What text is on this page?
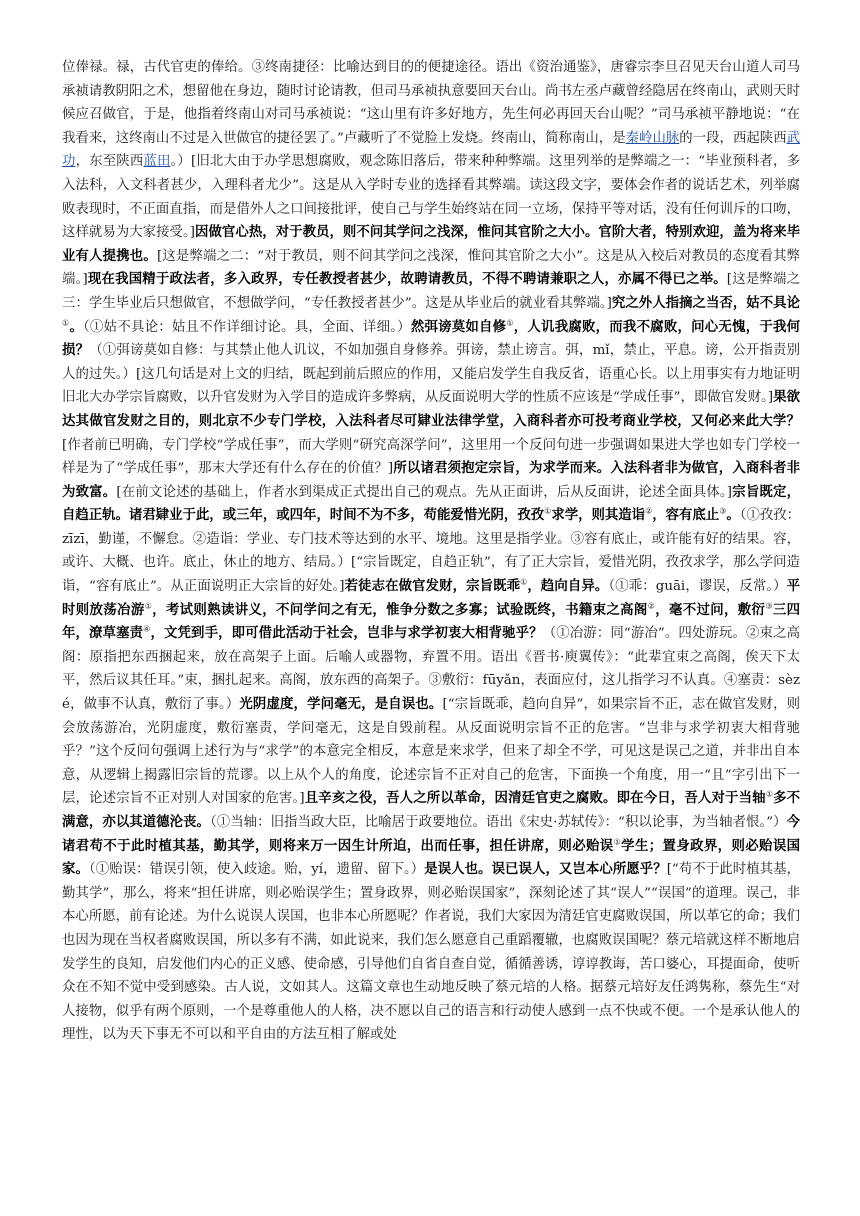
位俸禄。禄，古代官吏的俸给。③终南捷径：比喻达到目的的便捷途径。语出《资治通鉴》，唐睿宗李旦召见天台山道人司马承祯请教阴阳之术，想留他在身边，随时讨论请教，但司马承祯执意要回天台山。尚书左丞卢藏曾经隐居在终南山，武则天时候应召做官，于是，他指着终南山对司马承祯说：“这山里有许多好地方，先生何必再回天台山呢？”司马承祯平静地说：“在我看来，这终南山不过是入世做官的捷径罢了。”卢藏听了不觉脸上发烧。终南山，简称南山，是秦岭山脉的一段，西起陕西武功，东至陕西蓝田。）[旧北大由于办学思想腐败，观念陈旧落后，带来种种弊端。这里列举的是弊端之一：“毕业预科者，多入法科，入文科者甚少，入理科者尤少”。这是从入学时专业的选择看其弊端。读这段文字，要体会作者的说话艺术，列举腐败表现时，不正面直指，而是借外人之口间接批评，使自己与学生始终站在同一立场，保持平等对话，没有任何训斥的口吻，这样就易为大家接受。]因做官心热，对于教员，则不问其学问之浅深，惟问其官阶之大小。官阶大者，特别欢迎，盖为将来毕业有人提携也。[这是弊端之二：“对于教员，则不问其学问之浅深，惟问其官阶之大小”。这是从入校后对教员的态度看其弊端。]现在我国精于政法者，多入政界，专任教授者甚少，故聘请教员，不得不聘请兼职之人，亦属不得已之举。[这是弊端之三：学生毕业后只想做官，不想做学问，“专任教授者甚少”。这是从毕业后的就业看其弊端。]究之外人指摘之当否，姑不具论①。（①姑不具论：姑且不作详细讨论。具，全面、详细。）然弭谤莫如自修①，人讥我腐败，而我不腐败，问心无愧，于我何损？（①弭谤莫如自修：与其禁止他人讥议，不如加强自身修养。弭谤，禁止谤言。弭，mǐ，禁止，平息。谤，公开指责别人的过失。）[这几句话是对上文的归结，既起到前后照应的作用，又能启发学生自我反省，语重心长。以上用事实有力地证明旧北大办学宗旨腐败，以升官发财为入学目的造成许多弊病，从反面说明大学的性质不应该是“学成任事”，即做官发财。]果欲达其做官发财之目的，则北京不少专门学校，入法科者尽可肄业法律学堂，入商科者亦可投考商业学校，又何必来此大学？[作者前已明确，专门学校“学成任事”，而大学则“研究高深学问”，这里用一个反问句进一步强调如果进大学也如专门学校一样是为了“学成任事”，那末大学还有什么存在的价值？]所以诸君须抱定宗旨，为求学而来。入法科者非为做官，入商科者非为致富。[在前文论述的基础上，作者水到渠成正式提出自己的观点。先从正面讲，后从反面讲，论述全面具体。]宗旨既定，自趋正轨。诸君肄业于此，或三年，或四年，时间不为不多，苟能爱惜光阴，孜孜①求学，则其造诣②，容有底止③。（①孜孜：zīzī，勤谨，不懈怠。②造诣：学业、专门技术等达到的水平、境地。这里是指学业。③容有底止，或许能有好的结果。容，或许、大概、也许。底止，休止的地方、结局。）[“宗旨既定，自趋正轨”，有了正大宗旨，爱惜光阴，孜孜求学，那么学问造诣，“容有底止”。从正面说明正大宗旨的好处。]若徒志在做官发财，宗旨既乖①，趋向自异。（①乖：guāi，谬误，反常。）平时则放荡冶游①，考试则熟读讲义，不问学问之有无，惟争分数之多寡；试验既终，书籍束之高阁②，毫不过问，敷衍③三四年，潦草塞责④，文凭到手，即可借此活动于社会，岂非与求学初衷大相背驰乎？（①冶游：同“游冶”。四处游玩。②束之高阁：原指把东西捆起来，放在高架子上面。后喻人或器物，弃置不用。语出《晋书·庾翼传》：“此辈宜束之高阁，俟天下太平，然后议其任耳。”束，捆扎起来。高阁，放东西的高架子。③敷衍：fūyǎn，表面应付，这儿指学习不认真。④塞责：sèzé，做事不认真，敷衍了事。）光阴虚度，学问毫无，是自误也。[“宗旨既乖，趋向自异”，如果宗旨不正，志在做官发财，则会放荡游冶，光阴虚度，敷衍塞责，学问毫无，这是自毁前程。从反面说明宗旨不正的危害。“岂非与求学初衷大相背驰乎？”这个反问句强调上述行为与“求学”的本意完全相反，本意是来求学，但来了却全不学，可见这是误己之道，并非出自本意，从逻辑上揭露旧宗旨的荒谬。以上从个人的角度，论述宗旨不正对自己的危害，下面换一个角度，用一“且”字引出下一层，论述宗旨不正对别人对国家的危害。]且辛亥之役，吾人之所以革命，因清廷官吏之腐败。即在今日，吾人对于当轴①多不满意，亦以其道德沦丧。（①当轴：旧指当政大臣，比喻居于政要地位。语出《宋史·苏轼传》：“积以论事，为当轴者恨。”）今诸君苟不于此时植其基，勤其学，则将来万一因生计所迫，出而任事，担任讲席，则必贻误①学生；置身政界，则必贻误国家。（①贻误：错误引领，使入歧途。贻，yí，遗留、留下。）是误人也。误已误人，又岂本心所愿乎？[“苟不于此时植其基，勤其学”，那么，将来“担任讲席，则必贻误学生；置身政界，则必贻误国家”，深刻论述了其“误人”“误国”的道理。误己，非本心所愿，前有论述。为什么说误人误国，也非本心所愿呢？作者说，我们大家因为清廷官吏腐败误国，所以革它的命；我们也因为现在当权者腐败误国，所以多有不满，如此说来，我们怎么愿意自己重蹈覆辙，也腐败误国呢？蔡元培就这样不断地启发学生的良知，启发他们内心的正义感、使命感，引导他们自省自查自觉，循循善诱，谆谆教诲，苦口婆心，耳提面命，使听众在不知不觉中受到感染。古人说，文如其人。这篇文章也生动地反映了蔡元培的人格。据蔡元培好友任鸿隽称，蔡先生“对人接物，似乎有两个原则，一个是尊重他人的人格，决不愿以自己的语言和行动使人感到一点不快或不便。一个是承认他人的理性，以为天下事无不可以和平自由的方法互相了解或处
